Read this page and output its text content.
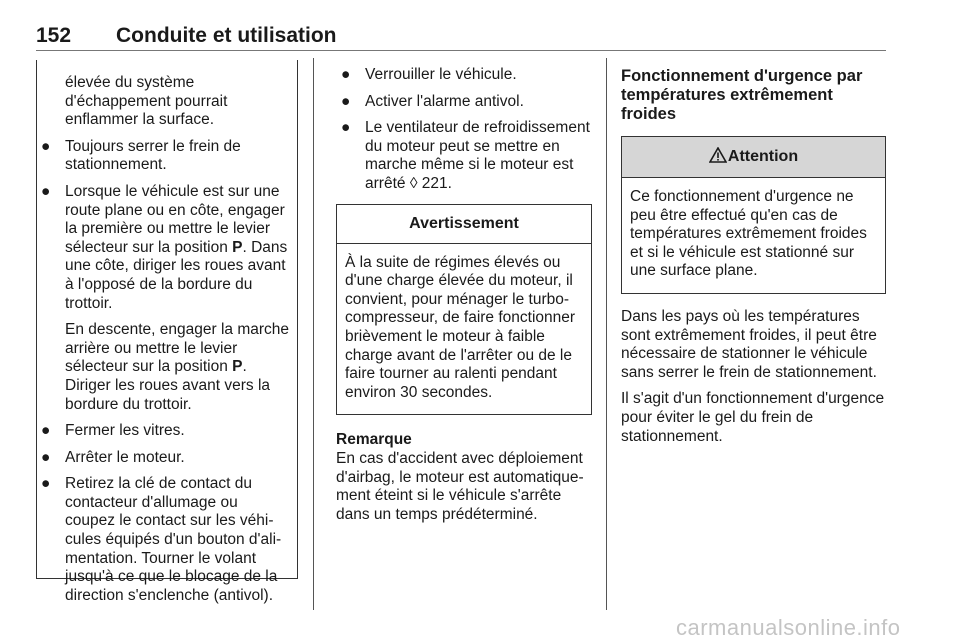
152 Conduite et utilisation

élevée du système d'échappement pourrait enflammer la surface.

● Toujours serrer le frein de stationnement.
● Lorsque le véhicule est sur une route plane ou en côte, engager la première ou mettre le levier sélecteur sur la position P. Dans une côte, diriger les roues avant à l'opposé de la bordure du trottoir.

En descente, engager la marche arrière ou mettre le levier sélecteur sur la position P. Diriger les roues avant vers la bordure du trottoir.

● Fermer les vitres.
● Arrêter le moteur.
● Retirez la clé de contact du contacteur d'allumage ou coupez le contact sur les véhicules équipés d'un bouton d'alimentation. Tourner le volant jusqu'à ce que le blocage de la direction s'enclenche (antivol).
● Verrouiller le véhicule.
● Activer l'alarme antivol.
● Le ventilateur de refroidissement du moteur peut se mettre en marche même si le moteur est arrêté ◊ 221.
Avertissement
À la suite de régimes élevés ou d'une charge élevée du moteur, il convient, pour ménager le turbocompresseur, de faire fonctionner brièvement le moteur à faible charge avant de l'arrêter ou de le faire tourner au ralenti pendant environ 30 secondes.
Remarque
En cas d'accident avec déploiement d'airbag, le moteur est automatiquement éteint si le véhicule s'arrête dans un temps prédéterminé.
Fonctionnement d'urgence par températures extrêmement froides
Attention
Ce fonctionnement d'urgence ne peu être effectué qu'en cas de températures extrêmement froides et si le véhicule est stationné sur une surface plane.

Dans les pays où les températures sont extrêmement froides, il peut être nécessaire de stationner le véhicule sans serrer le frein de stationnement.

Il s'agit d'un fonctionnement d'urgence pour éviter le gel du frein de stationnement.

carmanualsonline.info
